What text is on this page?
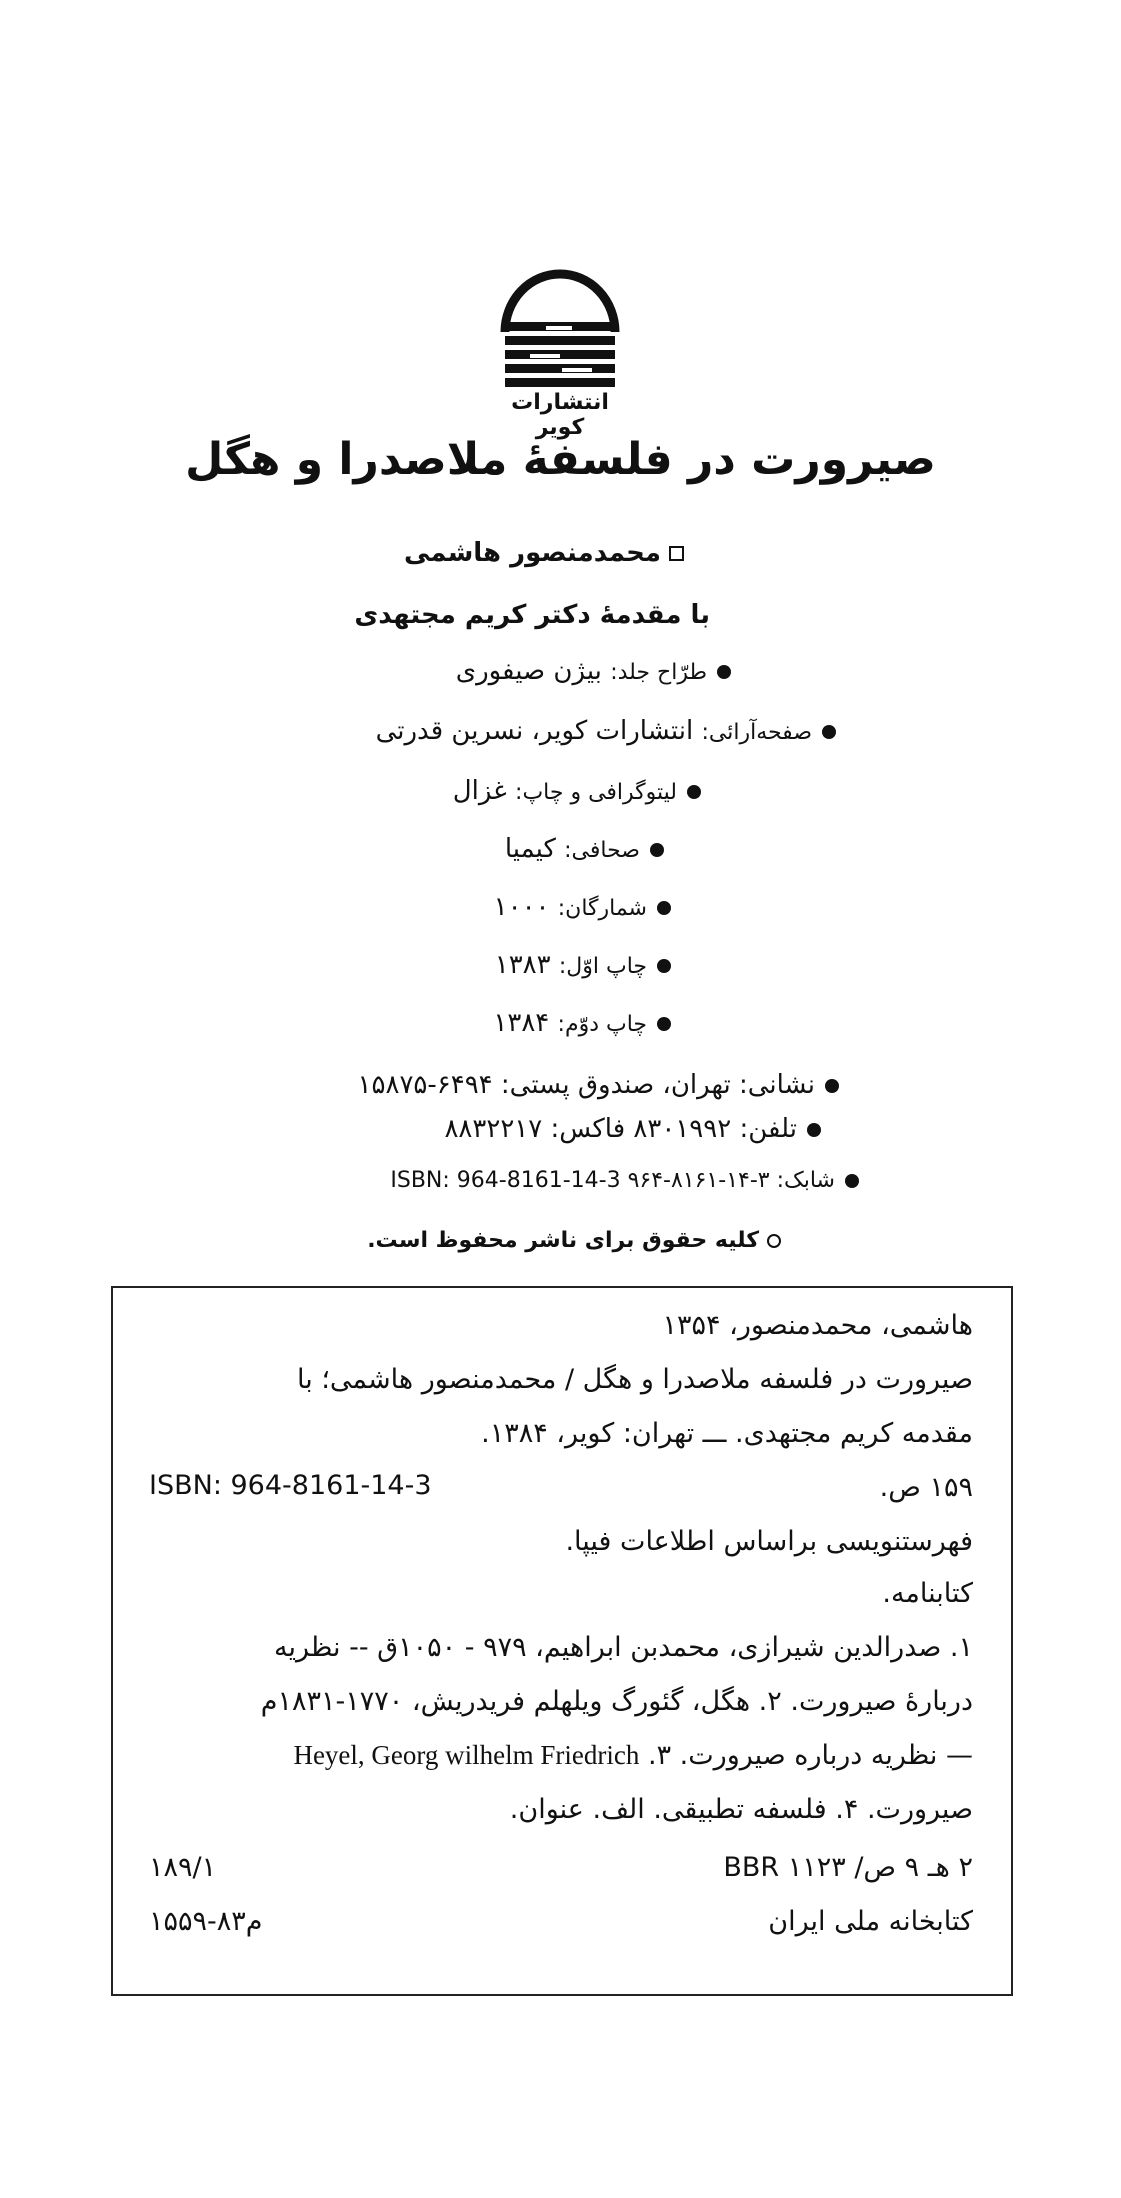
انتشارات کویر
صیرورت در فلسفۀ ملاصدرا و هگل
محمدمنصور هاشمی
با مقدمۀ دکتر کریم مجتهدی
طرّاح جلد: بیژن صیفوری
صفحه‌آرائی: انتشارات کویر، نسرین قدرتی
لیتوگرافی و چاپ: غزال
صحافی: کیمیا
شمارگان: ۱۰۰۰
چاپ اوّل: ۱۳۸۳
چاپ دوّم: ۱۳۸۴
نشانی: تهران، صندوق پستی: ۶۴۹۴-۱۵۸۷۵
تلفن: ۸۳۰۱۹۹۲ فاکس: ۸۸۳۲۲۱۷
شابک: ۳-۱۴-۸۱۶۱-۹۶۴ ISBN: 964-8161-14-3
کلیه حقوق برای ناشر محفوظ است.
هاشمی، محمدمنصور، ۱۳۵۴
صیرورت در فلسفه ملاصدرا و هگل / محمدمنصور هاشمی؛ با
مقدمه کریم مجتهدی. ـــ تهران: کویر، ۱۳۸۴.
۱۵۹ ص.
ISBN: 964-8161-14-3
فهرستنویسی براساس اطلاعات فیپا.
کتابنامه.
۱. صدرالدین شیرازی، محمدبن ابراهیم، ۹۷۹ - ۱۰۵۰ق -- نظریه
دربارۀ صیرورت. ۲. هگل، گئورگ ویلهلم فریدریش، ۱۷۷۰-۱۸۳۱م
— نظریه درباره صیرورت. ۳. Heyel, Georg wilhelm Friedrich
صیرورت. ۴. فلسفه تطبیقی. الف. عنوان.
۲ هـ ۹ ص/ ۱۱۲۳ BBR
۱۸۹/۱
کتابخانه ملی ایران
۱۵۵۹-۸۳م
